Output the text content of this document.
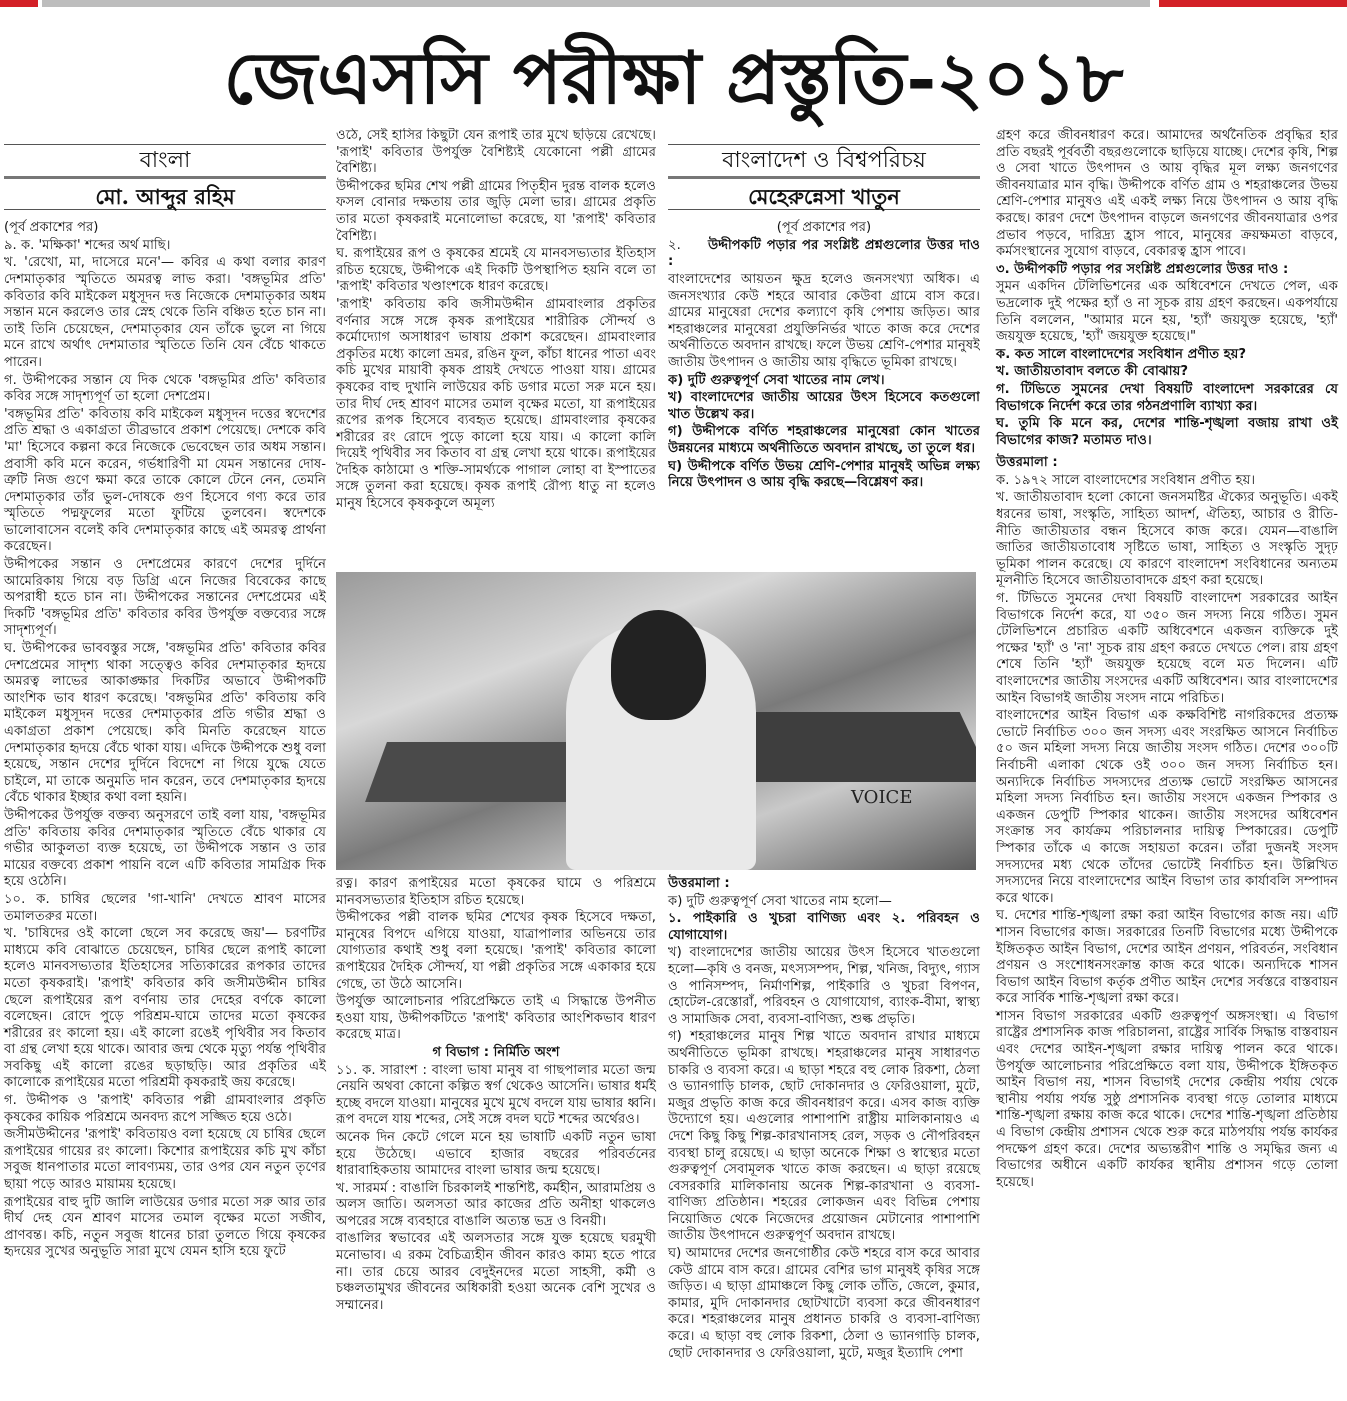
জেএসসি পরীক্ষা প্রস্তুতি-২০১৮
বাংলা
মো. আব্দুর রহিম

(পূর্ব প্রকাশের পর)

৯. ক. 'মক্ষিকা' শব্দের অর্থ মাছি।

খ. 'রেখো, মা, দাসেরে মনে'— কবির এ কথা বলার কারণ দেশমাতৃকার স্মৃতিতে অমরত্ব লাভ করা। 'বঙ্গভূমির প্রতি' কবিতার কবি মাইকেল মধুসূদন দত্ত নিজেকে দেশমাতৃকার অধম সন্তান মনে করলেও তার স্নেহ থেকে তিনি বঞ্চিত হতে চান না। তাই তিনি চেয়েছেন, দেশমাতৃকার যেন তাঁকে ভুলে না গিয়ে মনে রাখে অর্থাৎ দেশমাতার স্মৃতিতে তিনি যেন বেঁচে থাকতে পারেন।

গ. উদ্দীপকের সন্তান যে দিক থেকে 'বঙ্গভূমির প্রতি' কবিতার কবির সঙ্গে সাদৃশ্যপূর্ণ তা হলো দেশপ্রেম।

'বঙ্গভূমির প্রতি' কবিতায় কবি মাইকেল মধুসূদন দত্তের স্বদেশের প্রতি শ্রদ্ধা ও একাগ্রতা তীব্রভাবে প্রকাশ পেয়েছে। দেশকে কবি 'মা' হিসেবে কল্পনা করে নিজেকে ভেবেছেন তার অধম সন্তান। প্রবাসী কবি মনে করেন, গর্ভধারিণী মা যেমন সন্তানের দোষ-ত্রুটি নিজ গুণে ক্ষমা করে তাকে কোলে টেনে নেন, তেমনি দেশমাতৃকার তাঁর ভুল-দোষকে গুণ হিসেবে গণ্য করে তার স্মৃতিতে পদ্মফুলের মতো ফুটিয়ে তুলবেন। স্বদেশকে ভালোবাসেন বলেই কবি দেশমাতৃকার কাছে এই অমরত্ব প্রার্থনা করেছেন।

উদ্দীপকের সন্তান ও দেশপ্রেমের কারণে দেশের দুর্দিনে আমেরিকায় গিয়ে বড় ডিগ্রি এনে নিজের বিবেকের কাছে অপরাধী হতে চান না। উদ্দীপকের সন্তানের দেশপ্রেমের এই দিকটি 'বঙ্গভূমির প্রতি' কবিতার কবির উপর্যুক্ত বক্তব্যের সঙ্গে সাদৃশ্যপূর্ণ।

ঘ. উদ্দীপকের ভাববস্তুর সঙ্গে, 'বঙ্গভূমির প্রতি' কবিতার কবির দেশপ্রেমের সাদৃশ্য থাকা সত্ত্বেও কবির দেশমাতৃকার হৃদয়ে অমরত্ব লাভের আকাঙ্ক্ষার দিকটির অভাবে উদ্দীপকটি আংশিক ভাব ধারণ করেছে। 'বঙ্গভূমির প্রতি' কবিতায় কবি মাইকেল মধুসূদন দত্তের দেশমাতৃকার প্রতি গভীর শ্রদ্ধা ও একাগ্রতা প্রকাশ পেয়েছে। কবি মিনতি করেছেন যাতে দেশমাতৃকার হৃদয়ে বেঁচে থাকা যায়। এদিকে উদ্দীপকে শুধু বলা হয়েছে, সন্তান দেশের দুর্দিনে বিদেশে না গিয়ে যুদ্ধে যেতে চাইলে, মা তাকে অনুমতি দান করেন, তবে দেশমাতৃকার হৃদয়ে বেঁচে থাকার ইচ্ছার কথা বলা হয়নি।

উদ্দীপকের উপর্যুক্ত বক্তব্য অনুসরণে তাই বলা যায়, 'বঙ্গভূমির প্রতি' কবিতায় কবির দেশমাতৃকার স্মৃতিতে বেঁচে থাকার যে গভীর আকুলতা ব্যক্ত হয়েছে, তা উদ্দীপকে সন্তান ও তার মায়ের বক্তব্যে প্রকাশ পায়নি বলে এটি কবিতার সামগ্রিক দিক হয়ে ওঠেনি।

১০. ক. চাষির ছেলের 'গা-খানি' দেখতে শ্রাবণ মাসের তমালতরুর মতো।

খ. 'চাষিদের ওই কালো ছেলে সব করেছে জয়'— চরণটির মাধ্যমে কবি বোঝাতে চেয়েছেন, চাষির ছেলে রূপাই কালো হলেও মানবসভ্যতার ইতিহাসের সত্যিকারের রূপকার তাদের মতো কৃষকরাই। 'রূপাই' কবিতার কবি জসীমউদ্দীন চাষির ছেলে রূপাইয়ের রূপ বর্ণনায় তার দেহের বর্ণকে কালো বলেছেন। রোদে পুড়ে পরিশ্রম-ঘামে তাদের মতো কৃষকের শরীরের রং কালো হয়। এই কালো রঙেই পৃথিবীর সব কিতাব বা গ্রন্থ লেখা হয়ে থাকে। আবার জন্ম থেকে মৃত্যু পর্যন্ত পৃথিবীর সবকিছু এই কালো রঙের ছড়াছড়ি। আর প্রকৃতির এই কালোকে রূপাইয়ের মতো পরিশ্রমী কৃষকরাই জয় করেছে।

গ. উদ্দীপক ও 'রূপাই' কবিতার পল্লী গ্রামবাংলার প্রকৃতি কৃষকের কায়িক পরিশ্রমে অনবদ্য রূপে সজ্জিত হয়ে ওঠে।

জসীমউদ্দীনের 'রূপাই' কবিতায়ও বলা হয়েছে যে চাষির ছেলে রূপাইয়ের গায়ের রং কালো। কিশোর রূপাইয়ের কচি মুখ কাঁচা সবুজ ধানপাতার মতো লাবণ্যময়, তার ওপর যেন নতুন তৃণের ছায়া পড়ে আরও মায়াময় হয়েছে।

রূপাইয়ের বাহু দুটি জালি লাউয়ের ডগার মতো সরু আর তার দীর্ঘ দেহ যেন শ্রাবণ মাসের তমাল বৃক্ষের মতো সজীব, প্রাণবন্ত। কচি, নতুন সবুজ ধানের চারা তুলতে গিয়ে কৃষকের হৃদয়ের সুখের অনুভূতি সারা মুখে যেমন হাসি হয়ে ফুটে

ওঠে, সেই হাসির কিছুটা যেন রূপাই তার মুখে ছড়িয়ে রেখেছে। 'রূপাই' কবিতার উপর্যুক্ত বৈশিষ্ট্যই যেকোনো পল্লী গ্রামের বৈশিষ্ট্য।

উদ্দীপকের ছমির শেখ পল্লী গ্রামের পিতৃহীন দুরন্ত বালক হলেও ফসল বোনার দক্ষতায় তার জুড়ি মেলা ভার। গ্রামের প্রকৃতি তার মতো কৃষকরাই মনোলোভা করেছে, যা 'রূপাই' কবিতার বৈশিষ্ট্য।

ঘ. রূপাইয়ের রূপ ও কৃষকের শ্রমেই যে মানবসভ্যতার ইতিহাস রচিত হয়েছে, উদ্দীপকে এই দিকটি উপস্থাপিত হয়নি বলে তা 'রূপাই' কবিতার খণ্ডাংশকে ধারণ করেছে।

'রূপাই' কবিতায় কবি জসীমউদ্দীন গ্রামবাংলার প্রকৃতির বর্ণনার সঙ্গে সঙ্গে কৃষক রূপাইয়ের শারীরিক সৌন্দর্য ও কর্মোদ্যোগ অসাধারণ ভাষায় প্রকাশ করেছেন। গ্রামবাংলার প্রকৃতির মধ্যে কালো ভ্রমর, রঙিন ফুল, কাঁচা ধানের পাতা এবং কচি মুখের মায়াবী কৃষক প্রায়ই দেখতে পাওয়া যায়। গ্রামের কৃষকের বাহু দুখানি লাউয়ের কচি ডগার মতো সরু মনে হয়। তার দীর্ঘ দেহ শ্রাবণ মাসের তমাল বৃক্ষের মতো, যা রূপাইয়ের রূপের রূপক হিসেবে ব্যবহৃত হয়েছে। গ্রামবাংলার কৃষকের শরীরের রং রোদে পুড়ে কালো হয়ে যায়। এ কালো কালি দিয়েই পৃথিবীর সব কিতাব বা গ্রন্থ লেখা হয়ে থাকে। রূপাইয়ের দৈহিক কাঠামো ও শক্তি-সামর্থ্যকে পাগাল লোহা বা ইস্পাতের সঙ্গে তুলনা করা হয়েছে। কৃষক রূপাই রৌপ্য ধাতু না হলেও মানুষ হিসেবে কৃষককুলে অমূল্য

বাংলাদেশ ও বিশ্বপরিচয়
মেহেরুন্নেসা খাতুন

(পূর্ব প্রকাশের পর)

২. উদ্দীপকটি পড়ার পর সংশ্লিষ্ট প্রশ্নগুলোর উত্তর দাও :

বাংলাদেশের আয়তন ক্ষুদ্র হলেও জনসংখ্যা অধিক। এ জনসংখ্যার কেউ শহরে আবার কেউবা গ্রামে বাস করে। গ্রামের মানুষেরা দেশের কল্যাণে কৃষি পেশায় জড়িত। আর শহরাঞ্চলের মানুষেরা প্রযুক্তিনির্ভর খাতে কাজ করে দেশের অর্থনীতিতে অবদান রাখছে। ফলে উভয় শ্রেণি-পেশার মানুষই জাতীয় উৎপাদন ও জাতীয় আয় বৃদ্ধিতে ভূমিকা রাখছে।

ক) দুটি গুরুত্বপূর্ণ সেবা খাতের নাম লেখ।

খ) বাংলাদেশের জাতীয় আয়ের উৎস হিসেবে কতগুলো খাত উল্লেখ কর।

গ) উদ্দীপকে বর্ণিত শহরাঞ্চলের মানুষেরা কোন খাতের উন্নয়নের মাধ্যমে অর্থনীতিতে অবদান রাখছে, তা তুলে ধর।

ঘ) উদ্দীপকে বর্ণিত উভয় শ্রেণি-পেশার মানুষই অভিন্ন লক্ষ্য নিয়ে উৎপাদন ও আয় বৃদ্ধি করছে—বিশ্লেষণ কর।

VOICE

রত্ন। কারণ রূপাইয়ের মতো কৃষকের ঘামে ও পরিশ্রমে মানবসভ্যতার ইতিহাস রচিত হয়েছে।

উদ্দীপকের পল্লী বালক ছমির শেখের কৃষক হিসেবে দক্ষতা, মানুষের বিপদে এগিয়ে যাওয়া, যাত্রাপালার অভিনয়ে তার যোগ্যতার কথাই শুধু বলা হয়েছে। 'রূপাই' কবিতার কালো রূপাইয়ের দৈহিক সৌন্দর্য, যা পল্লী প্রকৃতির সঙ্গে একাকার হয়ে গেছে, তা উঠে আসেনি।

উপর্যুক্ত আলোচনার পরিপ্রেক্ষিতে তাই এ সিদ্ধান্তে উপনীত হওয়া যায়, উদ্দীপকটিতে 'রূপাই' কবিতার আংশিকভাব ধারণ করেছে মাত্র।

গ বিভাগ : নির্মিতি অংশ

১১. ক. সারাংশ : বাংলা ভাষা মানুষ বা গাছপালার মতো জন্ম নেয়নি অথবা কোনো কল্পিত স্বর্গ থেকেও আসেনি। ভাষার ধর্মই হচ্ছে বদলে যাওয়া। মানুষের মুখে মুখে বদলে যায় ভাষার ধ্বনি। রূপ বদলে যায় শব্দের, সেই সঙ্গে বদল ঘটে শব্দের অর্থেরও।

অনেক দিন কেটে গেলে মনে হয় ভাষাটি একটি নতুন ভাষা হয়ে উঠেছে। এভাবে হাজার বছরের পরিবর্তনের ধারাবাহিকতায় আমাদের বাংলা ভাষার জন্ম হয়েছে।

খ. সারমর্ম : বাঙালি চিরকালই শান্তশিষ্ট, কর্মহীন, আরামপ্রিয় ও অলস জাতি। অলসতা আর কাজের প্রতি অনীহা থাকলেও অপরের সঙ্গে ব্যবহারে বাঙালি অত্যন্ত ভদ্র ও বিনয়ী।

বাঙালির স্বভাবের এই অলসতার সঙ্গে যুক্ত হয়েছে ঘরমুখী মনোভাব। এ রকম বৈচিত্র্যহীন জীবন কারও কাম্য হতে পারে না। তার চেয়ে আরব বেদুইনদের মতো সাহসী, কর্মী ও চঞ্চলতামুখর জীবনের অধিকারী হওয়া অনেক বেশি সুখের ও সম্মানের।

উত্তরমালা :

ক) দুটি গুরুত্বপূর্ণ সেবা খাতের নাম হলো—

১. পাইকারি ও খুচরা বাণিজ্য এবং ২. পরিবহন ও যোগাযোগ।

খ) বাংলাদেশের জাতীয় আয়ের উৎস হিসেবে খাতগুলো হলো—কৃষি ও বনজ, মৎস্যসম্পদ, শিল্প, খনিজ, বিদ্যুৎ, গ্যাস ও পানিসম্পদ, নির্মাণশিল্প, পাইকারি ও খুচরা বিপণন, হোটেল-রেস্তোরাঁ, পরিবহন ও যোগাযোগ, ব্যাংক-বীমা, স্বাস্থ্য ও সামাজিক সেবা, ব্যবসা-বাণিজ্য, শুল্ক প্রভৃতি।

গ) শহরাঞ্চলের মানুষ শিল্প খাতে অবদান রাখার মাধ্যমে অর্থনীতিতে ভূমিকা রাখছে। শহরাঞ্চলের মানুষ সাধারণত চাকরি ও ব্যবসা করে। এ ছাড়া শহরে বহু লোক রিকশা, ঠেলা ও ভ্যানগাড়ি চালক, ছোট দোকানদার ও ফেরিওয়ালা, মুটে, মজুর প্রভৃতি কাজ করে জীবনধারণ করে। এসব কাজ ব্যক্তি উদ্যোগে হয়। এগুলোর পাশাপাশি রাষ্ট্রীয় মালিকানায়ও এ দেশে কিছু কিছু শিল্প-কারখানাসহ রেল, সড়ক ও নৌপরিবহন ব্যবস্থা চালু রয়েছে। এ ছাড়া অনেকে শিক্ষা ও স্বাস্থ্যের মতো গুরুত্বপূর্ণ সেবামূলক খাতে কাজ করছেন। এ ছাড়া রয়েছে বেসরকারি মালিকানায় অনেক শিল্প-কারখানা ও ব্যবসা-বাণিজ্য প্রতিষ্ঠান। শহরের লোকজন এবং বিভিন্ন পেশায় নিয়োজিত থেকে নিজেদের প্রয়োজন মেটানোর পাশাপাশি জাতীয় উৎপাদনে গুরুত্বপূর্ণ অবদান রাখছে।

ঘ) আমাদের দেশের জনগোষ্ঠীর কেউ শহরে বাস করে আবার কেউ গ্রামে বাস করে। গ্রামের বেশির ভাগ মানুষই কৃষির সঙ্গে জড়িত। এ ছাড়া গ্রামাঞ্চলে কিছু লোক তাঁতি, জেলে, কুমার, কামার, মুদি দোকানদার ছোটখাটো ব্যবসা করে জীবনধারণ করে। শহরাঞ্চলের মানুষ প্রধানত চাকরি ও ব্যবসা-বাণিজ্য করে। এ ছাড়া বহু লোক রিকশা, ঠেলা ও ভ্যানগাড়ি চালক, ছোট দোকানদার ও ফেরিওয়ালা, মুটে, মজুর ইত্যাদি পেশা

গ্রহণ করে জীবনধারণ করে। আমাদের অর্থনৈতিক প্রবৃদ্ধির হার প্রতি বছরই পূর্ববর্তী বছরগুলোকে ছাড়িয়ে যাচ্ছে। দেশের কৃষি, শিল্প ও সেবা খাতে উৎপাদন ও আয় বৃদ্ধির মূল লক্ষ্য জনগণের জীবনযাত্রার মান বৃদ্ধি। উদ্দীপকে বর্ণিত গ্রাম ও শহরাঞ্চলের উভয় শ্রেণি-পেশার মানুষও এই একই লক্ষ্য নিয়ে উৎপাদন ও আয় বৃদ্ধি করছে। কারণ দেশে উৎপাদন বাড়লে জনগণের জীবনযাত্রার ওপর প্রভাব পড়বে, দারিদ্র্য হ্রাস পাবে, মানুষের ক্রয়ক্ষমতা বাড়বে, কর্মসংস্থানের সুযোগ বাড়বে, বেকারত্ব হ্রাস পাবে।

৩. উদ্দীপকটি পড়ার পর সংশ্লিষ্ট প্রশ্নগুলোর উত্তর দাও :

সুমন একদিন টেলিভিশনের এক অধিবেশনে দেখতে পেল, এক ভদ্রলোক দুই পক্ষের হ্যাঁ ও না সূচক রায় গ্রহণ করছেন। একপর্যায়ে তিনি বললেন, "আমার মনে হয়, 'হ্যাঁ' জয়যুক্ত হয়েছে, 'হ্যাঁ' জয়যুক্ত হয়েছে, 'হ্যাঁ' জয়যুক্ত হয়েছে।"

ক. কত সালে বাংলাদেশের সংবিধান প্রণীত হয়?

খ. জাতীয়তাবাদ বলতে কী বোঝায়?

গ. টিভিতে সুমনের দেখা বিষয়টি বাংলাদেশ সরকারের যে বিভাগকে নির্দেশ করে তার গঠনপ্রণালি ব্যাখ্যা কর।

ঘ. তুমি কি মনে কর, দেশের শান্তি-শৃঙ্খলা বজায় রাখা ওই বিভাগের কাজ? মতামত দাও।

উত্তরমালা :

ক. ১৯৭২ সালে বাংলাদেশের সংবিধান প্রণীত হয়।

খ. জাতীয়তাবাদ হলো কোনো জনসমষ্টির ঐক্যের অনুভূতি। একই ধরনের ভাষা, সংস্কৃতি, সাহিত্য আদর্শ, ঐতিহ্য, আচার ও রীতি-নীতি জাতীয়তার বন্ধন হিসেবে কাজ করে। যেমন—বাঙালি জাতির জাতীয়তাবোধ সৃষ্টিতে ভাষা, সাহিত্য ও সংস্কৃতি সুদৃঢ় ভূমিকা পালন করেছে। যে কারণে বাংলাদেশ সংবিধানের অন্যতম মূলনীতি হিসেবে জাতীয়তাবাদকে গ্রহণ করা হয়েছে।

গ. টিভিতে সুমনের দেখা বিষয়টি বাংলাদেশ সরকারের আইন বিভাগকে নির্দেশ করে, যা ৩৫০ জন সদস্য নিয়ে গঠিত। সুমন টেলিভিশনে প্রচারিত একটি অধিবেশনে একজন ব্যক্তিকে দুই পক্ষের 'হ্যাঁ' ও 'না' সূচক রায় গ্রহণ করতে দেখতে পেল। রায় গ্রহণ শেষে তিনি 'হ্যাঁ' জয়যুক্ত হয়েছে বলে মত দিলেন। এটি বাংলাদেশের জাতীয় সংসদের একটি অধিবেশন। আর বাংলাদেশের আইন বিভাগই জাতীয় সংসদ নামে পরিচিত।

বাংলাদেশের আইন বিভাগ এক কক্ষবিশিষ্ট নাগরিকদের প্রত্যক্ষ ভোটে নির্বাচিত ৩০০ জন সদস্য এবং সংরক্ষিত আসনে নির্বাচিত ৫০ জন মহিলা সদস্য নিয়ে জাতীয় সংসদ গঠিত। দেশের ৩০০টি নির্বাচনী এলাকা থেকে ওই ৩০০ জন সদস্য নির্বাচিত হন। অন্যদিকে নির্বাচিত সদস্যদের প্রত্যক্ষ ভোটে সংরক্ষিত আসনের মহিলা সদস্য নির্বাচিত হন। জাতীয় সংসদে একজন স্পিকার ও একজন ডেপুটি স্পিকার থাকেন। জাতীয় সংসদের অধিবেশন সংক্রান্ত সব কার্যক্রম পরিচালনার দায়িত্ব স্পিকারের। ডেপুটি স্পিকার তাঁকে এ কাজে সহায়তা করেন। তাঁরা দুজনই সংসদ সদস্যদের মধ্য থেকে তাঁদের ভোটেই নির্বাচিত হন। উল্লিখিত সদস্যদের নিয়ে বাংলাদেশের আইন বিভাগ তার কার্যাবলি সম্পাদন করে থাকে।

ঘ. দেশের শান্তি-শৃঙ্খলা রক্ষা করা আইন বিভাগের কাজ নয়। এটি শাসন বিভাগের কাজ। সরকারের তিনটি বিভাগের মধ্যে উদ্দীপকে ইঙ্গিতকৃত আইন বিভাগ, দেশের আইন প্রণয়ন, পরিবর্তন, সংবিধান প্রণয়ন ও সংশোধনসংক্রান্ত কাজ করে থাকে। অন্যদিকে শাসন বিভাগ আইন বিভাগ কর্তৃক প্রণীত আইন দেশের সর্বস্তরে বাস্তবায়ন করে সার্বিক শান্তি-শৃঙ্খলা রক্ষা করে।

শাসন বিভাগ সরকারের একটি গুরুত্বপূর্ণ অঙ্গসংস্থা। এ বিভাগ রাষ্ট্রের প্রশাসনিক কাজ পরিচালনা, রাষ্ট্রের সার্বিক সিদ্ধান্ত বাস্তবায়ন এবং দেশের আইন-শৃঙ্খলা রক্ষার দায়িত্ব পালন করে থাকে। উপর্যুক্ত আলোচনার পরিপ্রেক্ষিতে বলা যায়, উদ্দীপকে ইঙ্গিতকৃত আইন বিভাগ নয়, শাসন বিভাগই দেশের কেন্দ্রীয় পর্যায় থেকে স্থানীয় পর্যায় পর্যন্ত সুষ্ঠু প্রশাসনিক ব্যবস্থা গড়ে তোলার মাধ্যমে শান্তি-শৃঙ্খলা রক্ষায় কাজ করে থাকে। দেশের শান্তি-শৃঙ্খলা প্রতিষ্ঠায় এ বিভাগ কেন্দ্রীয় প্রশাসন থেকে শুরু করে মাঠপর্যায় পর্যন্ত কার্যকর পদক্ষেপ গ্রহণ করে। দেশের অভ্যন্তরীণ শান্তি ও সমৃদ্ধির জন্য এ বিভাগের অধীনে একটি কার্যকর স্থানীয় প্রশাসন গড়ে তোলা হয়েছে।
